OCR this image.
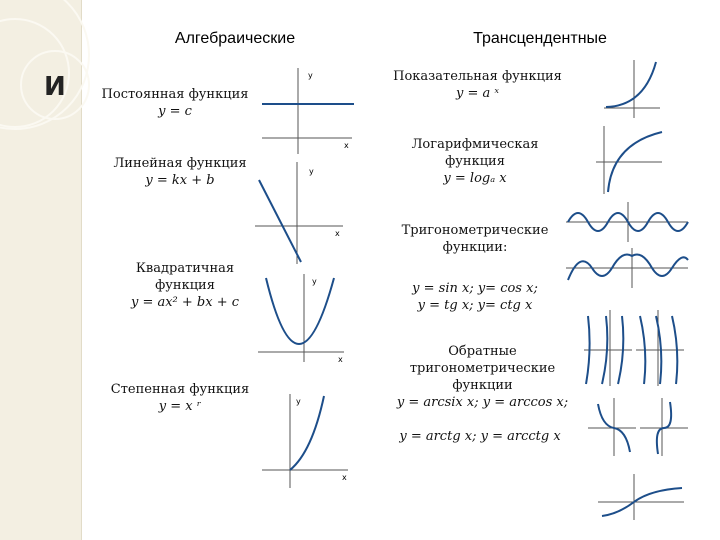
И
Алгебраические	Трансцендентные
Постоянная функция
y = c
Линейная функция
y = kx + b
Квадратичная
функция
y = ax² + bx + c
Степенная функция
y = x ʳ
Показательная функция
y = a ˣ
Логарифмическая
функция
y = logₐ x
Тригонометрические
функции:
y = sin x; y= cos x;
y = tg x; y= ctg x
Обратные
тригонометрические
функции
y = arcsix x; y = arccos x;
y = arctg x; y = arcctg x
y
x
y
x
y
x
y
x
